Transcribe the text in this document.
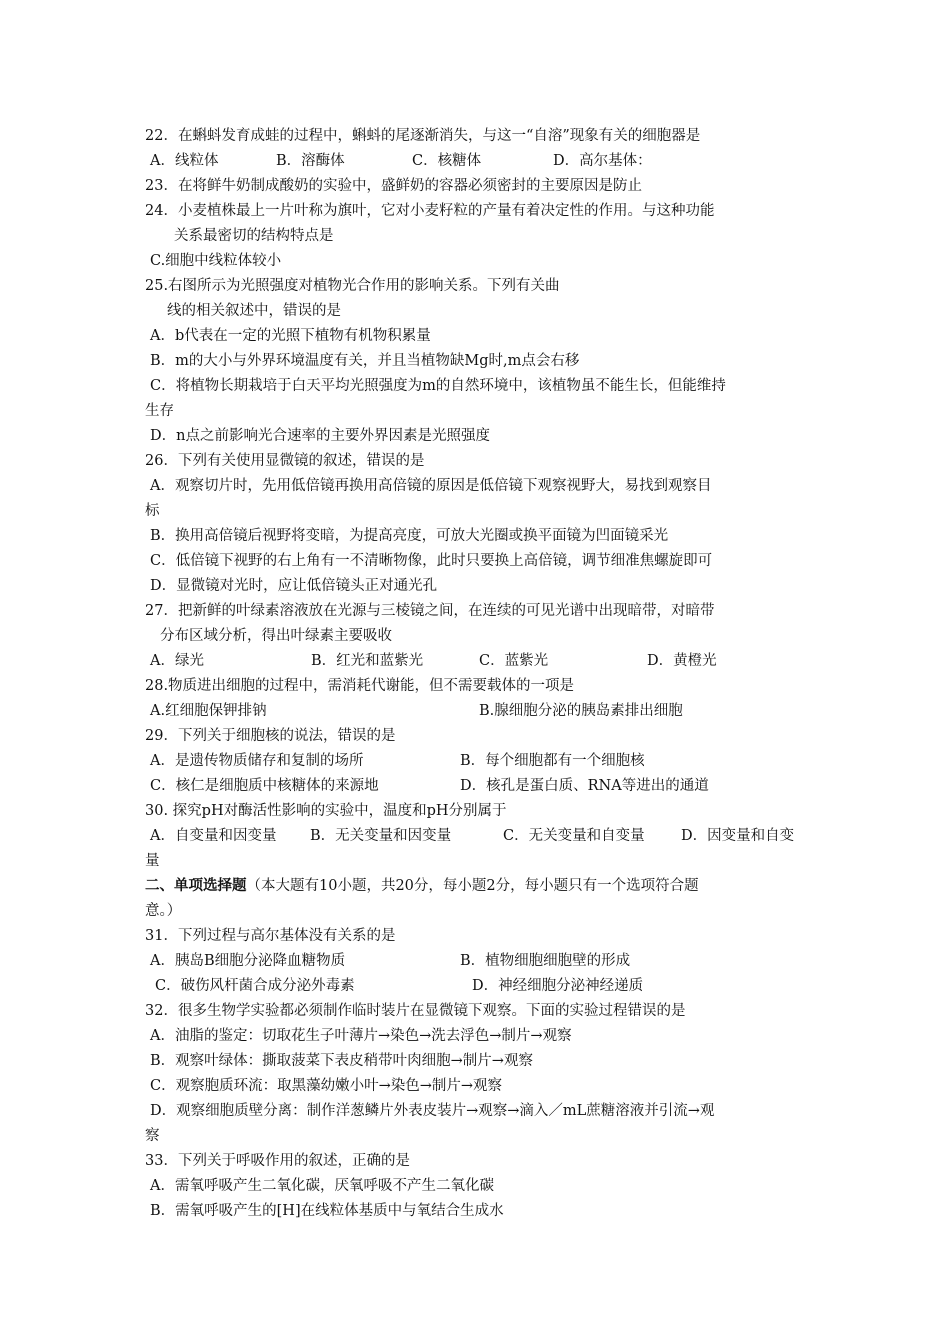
22．在蝌蚪发育成蛙的过程中，蝌蚪的尾逐渐消失，与这一“自溶”现象有关的细胞器是
A．线粒体	B．溶酶体	C．核糖体	D．高尔基体：
23．在将鲜牛奶制成酸奶的实验中，盛鲜奶的容器必须密封的主要原因是防止
24．小麦植株最上一片叶称为旗叶，它对小麦籽粒的产量有着决定性的作用。与这种功能
关系最密切的结构特点是
C.细胞中线粒体较小
25.右图所示为光照强度对植物光合作用的影响关系。下列有关曲
线的相关叙述中，错误的是
A．b代表在一定的光照下植物有机物积累量
B．m的大小与外界环境温度有关，并且当植物缺Mg时,m点会右移
C．将植物长期栽培于白天平均光照强度为m的自然环境中，该植物虽不能生长，但能维持
生存
D．n点之前影响光合速率的主要外界因素是光照强度
26．下列有关使用显微镜的叙述，错误的是
A．观察切片时，先用低倍镜再换用高倍镜的原因是低倍镜下观察视野大，易找到观察目
标
B．换用高倍镜后视野将变暗，为提高亮度，可放大光圈或换平面镜为凹面镜采光
C．低倍镜下视野的右上角有一不清晰物像，此时只要换上高倍镜，调节细准焦螺旋即可
D．显微镜对光时，应让低倍镜头正对通光孔
27．把新鲜的叶绿素溶液放在光源与三棱镜之间，在连续的可见光谱中出现暗带，对暗带
分布区域分析，得出叶绿素主要吸收
A．绿光	B．红光和蓝紫光	C．蓝紫光	D．黄橙光
28.物质进出细胞的过程中，需消耗代谢能，但不需要载体的一项是
A.红细胞保钾排钠	B.腺细胞分泌的胰岛素排出细胞
29．下列关于细胞核的说法，错误的是
A．是遗传物质储存和复制的场所	B．每个细胞都有一个细胞核
C．核仁是细胞质中核糖体的来源地	D．核孔是蛋白质、RNA等进出的通道
30. 探究pH对酶活性影响的实验中，温度和pH分别属于
A．自变量和因变量 B．无关变量和因变量	C．无关变量和自变量	D．因变量和自变
量
二、单项选择题（本大题有10小题，共20分，每小题2分，每小题只有一个选项符合题
意。）
31．下列过程与高尔基体没有关系的是
A．胰岛B细胞分泌降血糖物质	B．植物细胞细胞壁的形成
C．破伤风杆菌合成分泌外毒素	D．神经细胞分泌神经递质
32．很多生物学实验都必须制作临时装片在显微镜下观察。下面的实验过程错误的是
A．油脂的鉴定：切取花生子叶薄片→染色→洗去浮色→制片→观察
B．观察叶绿体：撕取菠菜下表皮稍带叶肉细胞→制片→观察
C．观察胞质环流：取黑藻幼嫩小叶→染色→制片→观察
D．观察细胞质壁分离：制作洋葱鳞片外表皮装片→观察→滴入／mL蔗糖溶液并引流→观
察
33．下列关于呼吸作用的叙述，正确的是
A．需氧呼吸产生二氧化碳，厌氧呼吸不产生二氧化碳
B．需氧呼吸产生的[H]在线粒体基质中与氧结合生成水
